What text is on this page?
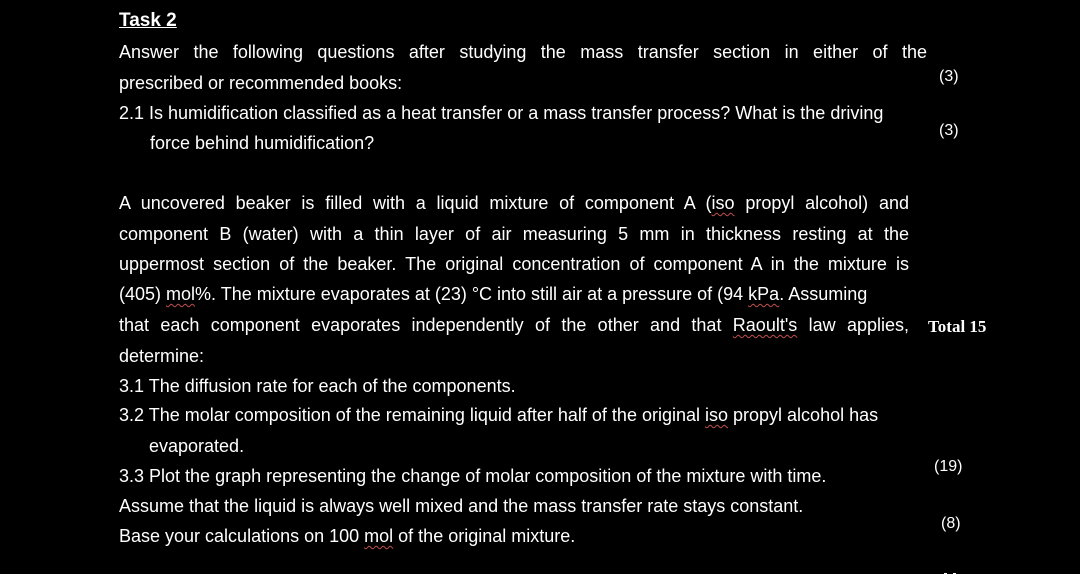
Task 2
Answer the following questions after studying the mass transfer section in either of the
prescribed or recommended books:
2.1 Is humidification classified as a heat transfer or a mass transfer process? What is the driving
force behind humidification?
(3)
(3)
A uncovered beaker is filled with a liquid mixture of component A (iso propyl alcohol) and
component B (water) with a thin layer of air measuring 5 mm in thickness resting at the
uppermost section of the beaker. The original concentration of component A in the mixture is
(405) mol%. The mixture evaporates at (23) °C into still air at a pressure of (94 kPa. Assuming
that each component evaporates independently of the other and that Raoult's law applies,
determine:
Total 15
3.1 The diffusion rate for each of the components.
3.2 The molar composition of the remaining liquid after half of the original iso propyl alcohol has
evaporated.
3.3 Plot the graph representing the change of molar composition of the mixture with time.
Assume that the liquid is always well mixed and the mass transfer rate stays constant.
Base your calculations on 100 mol of the original mixture.
(19)
(8)
